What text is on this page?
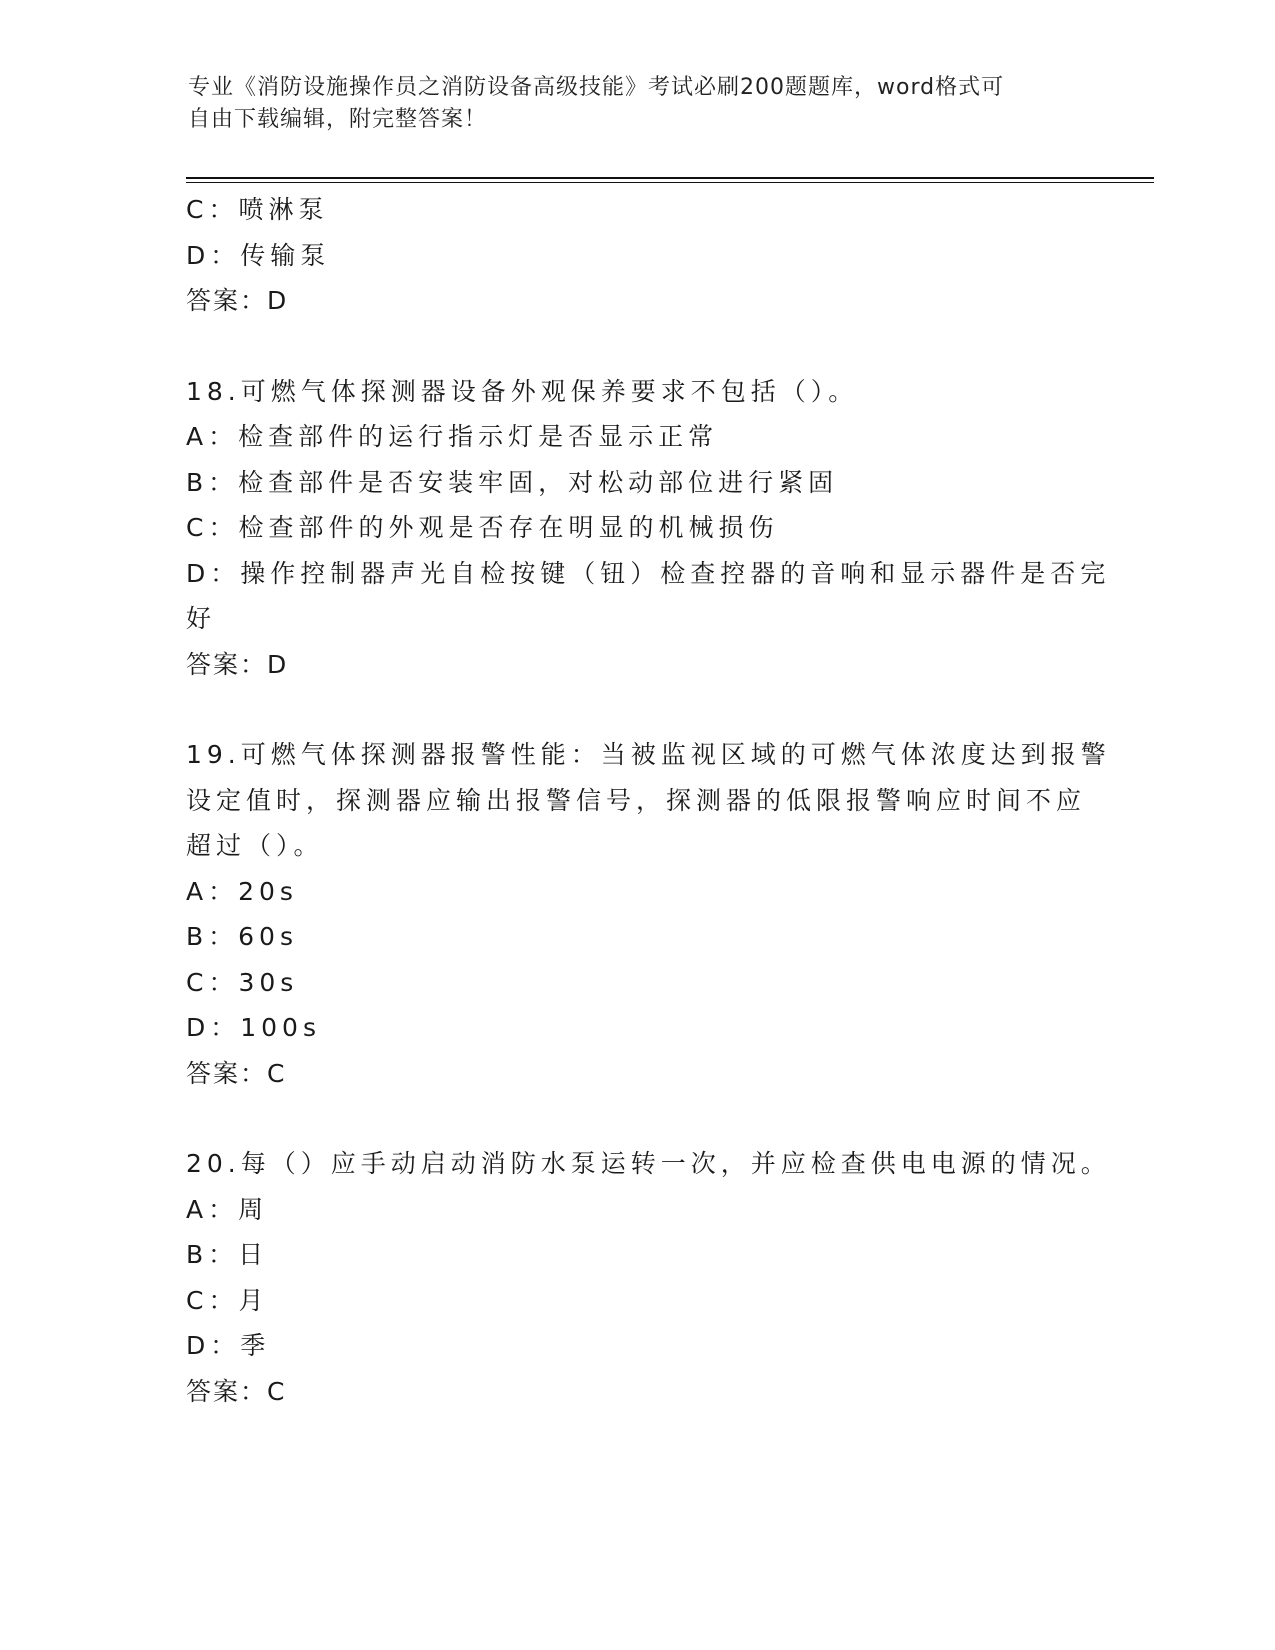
专业《消防设施操作员之消防设备高级技能》考试必刷200题题库，word格式可
自由下载编辑，附完整答案！
C：喷淋泵
D：传输泵
答案：D
18.可燃气体探测器设备外观保养要求不包括（）。
A：检查部件的运行指示灯是否显示正常
B：检查部件是否安装牢固，对松动部位进行紧固
C：检查部件的外观是否存在明显的机械损伤
D：操作控制器声光自检按键（钮）检查控器的音响和显示器件是否完
好
答案：D
19.可燃气体探测器报警性能：当被监视区域的可燃气体浓度达到报警
设定值时，探测器应输出报警信号，探测器的低限报警响应时间不应
超过（）。
A：20s
B：60s
C：30s
D：100s
答案：C
20.每（）应手动启动消防水泵运转一次，并应检查供电电源的情况。
A：周
B：日
C：月
D：季
答案：C
